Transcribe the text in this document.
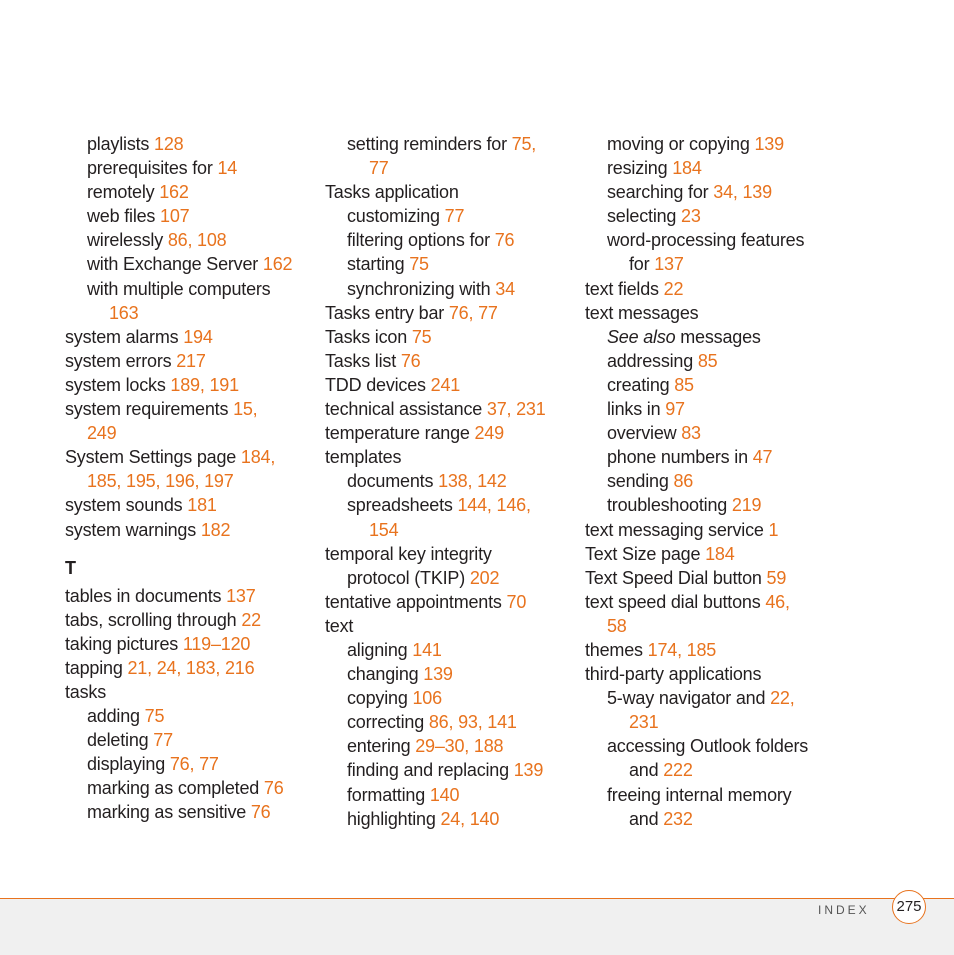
playlists 128
prerequisites for 14
remotely 162
web files 107
wirelessly 86, 108
with Exchange Server 162
with multiple computers
163
system alarms 194
system errors 217
system locks 189, 191
system requirements 15,
249
System Settings page 184,
185, 195, 196, 197
system sounds 181
system warnings 182
T
tables in documents 137
tabs, scrolling through 22
taking pictures 119–120
tapping 21, 24, 183, 216
tasks
adding 75
deleting 77
displaying 76, 77
marking as completed 76
marking as sensitive 76
setting reminders for 75,
77
Tasks application
customizing 77
filtering options for 76
starting 75
synchronizing with 34
Tasks entry bar 76, 77
Tasks icon 75
Tasks list 76
TDD devices 241
technical assistance 37, 231
temperature range 249
templates
documents 138, 142
spreadsheets 144, 146,
154
temporal key integrity
protocol (TKIP) 202
tentative appointments 70
text
aligning 141
changing 139
copying 106
correcting 86, 93, 141
entering 29–30, 188
finding and replacing 139
formatting 140
highlighting 24, 140
moving or copying 139
resizing 184
searching for 34, 139
selecting 23
word-processing features
for 137
text fields 22
text messages
See also messages
addressing 85
creating 85
links in 97
overview 83
phone numbers in 47
sending 86
troubleshooting 219
text messaging service 1
Text Size page 184
Text Speed Dial button 59
text speed dial buttons 46,
58
themes 174, 185
third-party applications
5-way navigator and 22,
231
accessing Outlook folders
and 222
freeing internal memory
and 232
INDEX 275
